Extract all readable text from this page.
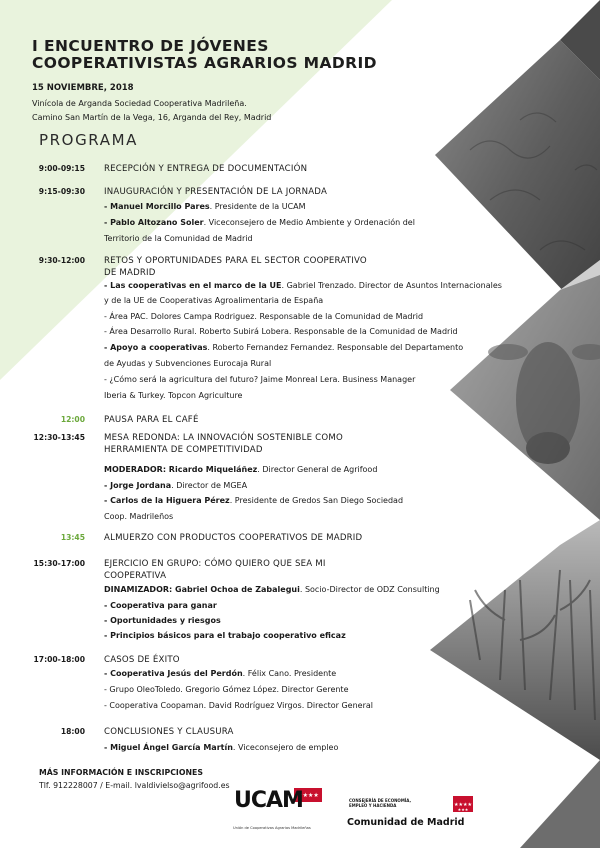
I ENCUENTRO DE JÓVENES
COOPERATIVISTAS AGRARIOS MADRID
15 NOVIEMBRE, 2018
Vinícola de Arganda Sociedad Cooperativa Madrileña.
Camino San Martín de la Vega, 16, Arganda del Rey, Madrid
PROGRAMA
9:00-09:15 RECEPCIÓN Y ENTREGA DE DOCUMENTACIÓN
9:15-09:30 INAUGURACIÓN Y PRESENTACIÓN DE LA JORNADA
- Manuel Morcillo Pares. Presidente de la UCAM
- Pablo Altozano Soler. Viceconsejero de Medio Ambiente y Ordenación del
Territorio de la Comunidad de Madrid
9:30-12:00 RETOS Y OPORTUNIDADES PARA EL SECTOR COOPERATIVO
DE MADRID
- Las cooperativas en el marco de la UE. Gabriel Trenzado. Director de Asuntos Internacionales
y de la UE de Cooperativas Agroalimentaria de España
- Área PAC. Dolores Campa Rodriguez. Responsable de la Comunidad de Madrid
- Área Desarrollo Rural. Roberto Subirá Lobera. Responsable de la Comunidad de Madrid
- Apoyo a cooperativas. Roberto Fernandez Fernandez. Responsable del Departamento
de Ayudas y Subvenciones Eurocaja Rural
- ¿Cómo será la agricultura del futuro? Jaime Monreal Lera. Business Manager
Iberia & Turkey. Topcon Agriculture
12:00 PAUSA PARA EL CAFÉ
12:30-13:45 MESA REDONDA: LA INNOVACIÓN SOSTENIBLE COMO
HERRAMIENTA DE COMPETITIVIDAD
MODERADOR: Ricardo Miqueláñez. Director General de Agrifood
- Jorge Jordana. Director de MGEA
- Carlos de la Higuera Pérez. Presidente de Gredos San Diego Sociedad
Coop. Madrileños
13:45 ALMUERZO CON PRODUCTOS COOPERATIVOS DE MADRID
15:30-17:00 EJERCICIO EN GRUPO: CÓMO QUIERO QUE SEA MI
COOPERATIVA
DINAMIZADOR: Gabriel Ochoa de Zabalegui. Socio-Director de ODZ Consulting
- Cooperativa para ganar
- Oportunidades y riesgos
- Principios básicos para el trabajo cooperativo eficaz
17:00-18:00 CASOS DE ÉXITO
- Cooperativa Jesús del Perdón. Félix Cano. Presidente
- Grupo OleoToledo. Gregorio Gómez López. Director Gerente
- Cooperativa Coopaman. David Rodríguez Virgos. Director General
18:00 CONCLUSIONES Y CLAUSURA
- Miguel Ángel García Martín. Viceconsejero de empleo
MÁS INFORMACIÓN E INSCRIPCIONES
Tlf. 912228007 / E-mail. lvaldivielso@agrifood.es
★★★★
UCAM
Unión de Cooperativas Agrarias Madrileñas
CONSEJERÍA DE ECONOMÍA,
EMPLEO Y HACIENDA	★★★★
★★★
Comunidad de Madrid
